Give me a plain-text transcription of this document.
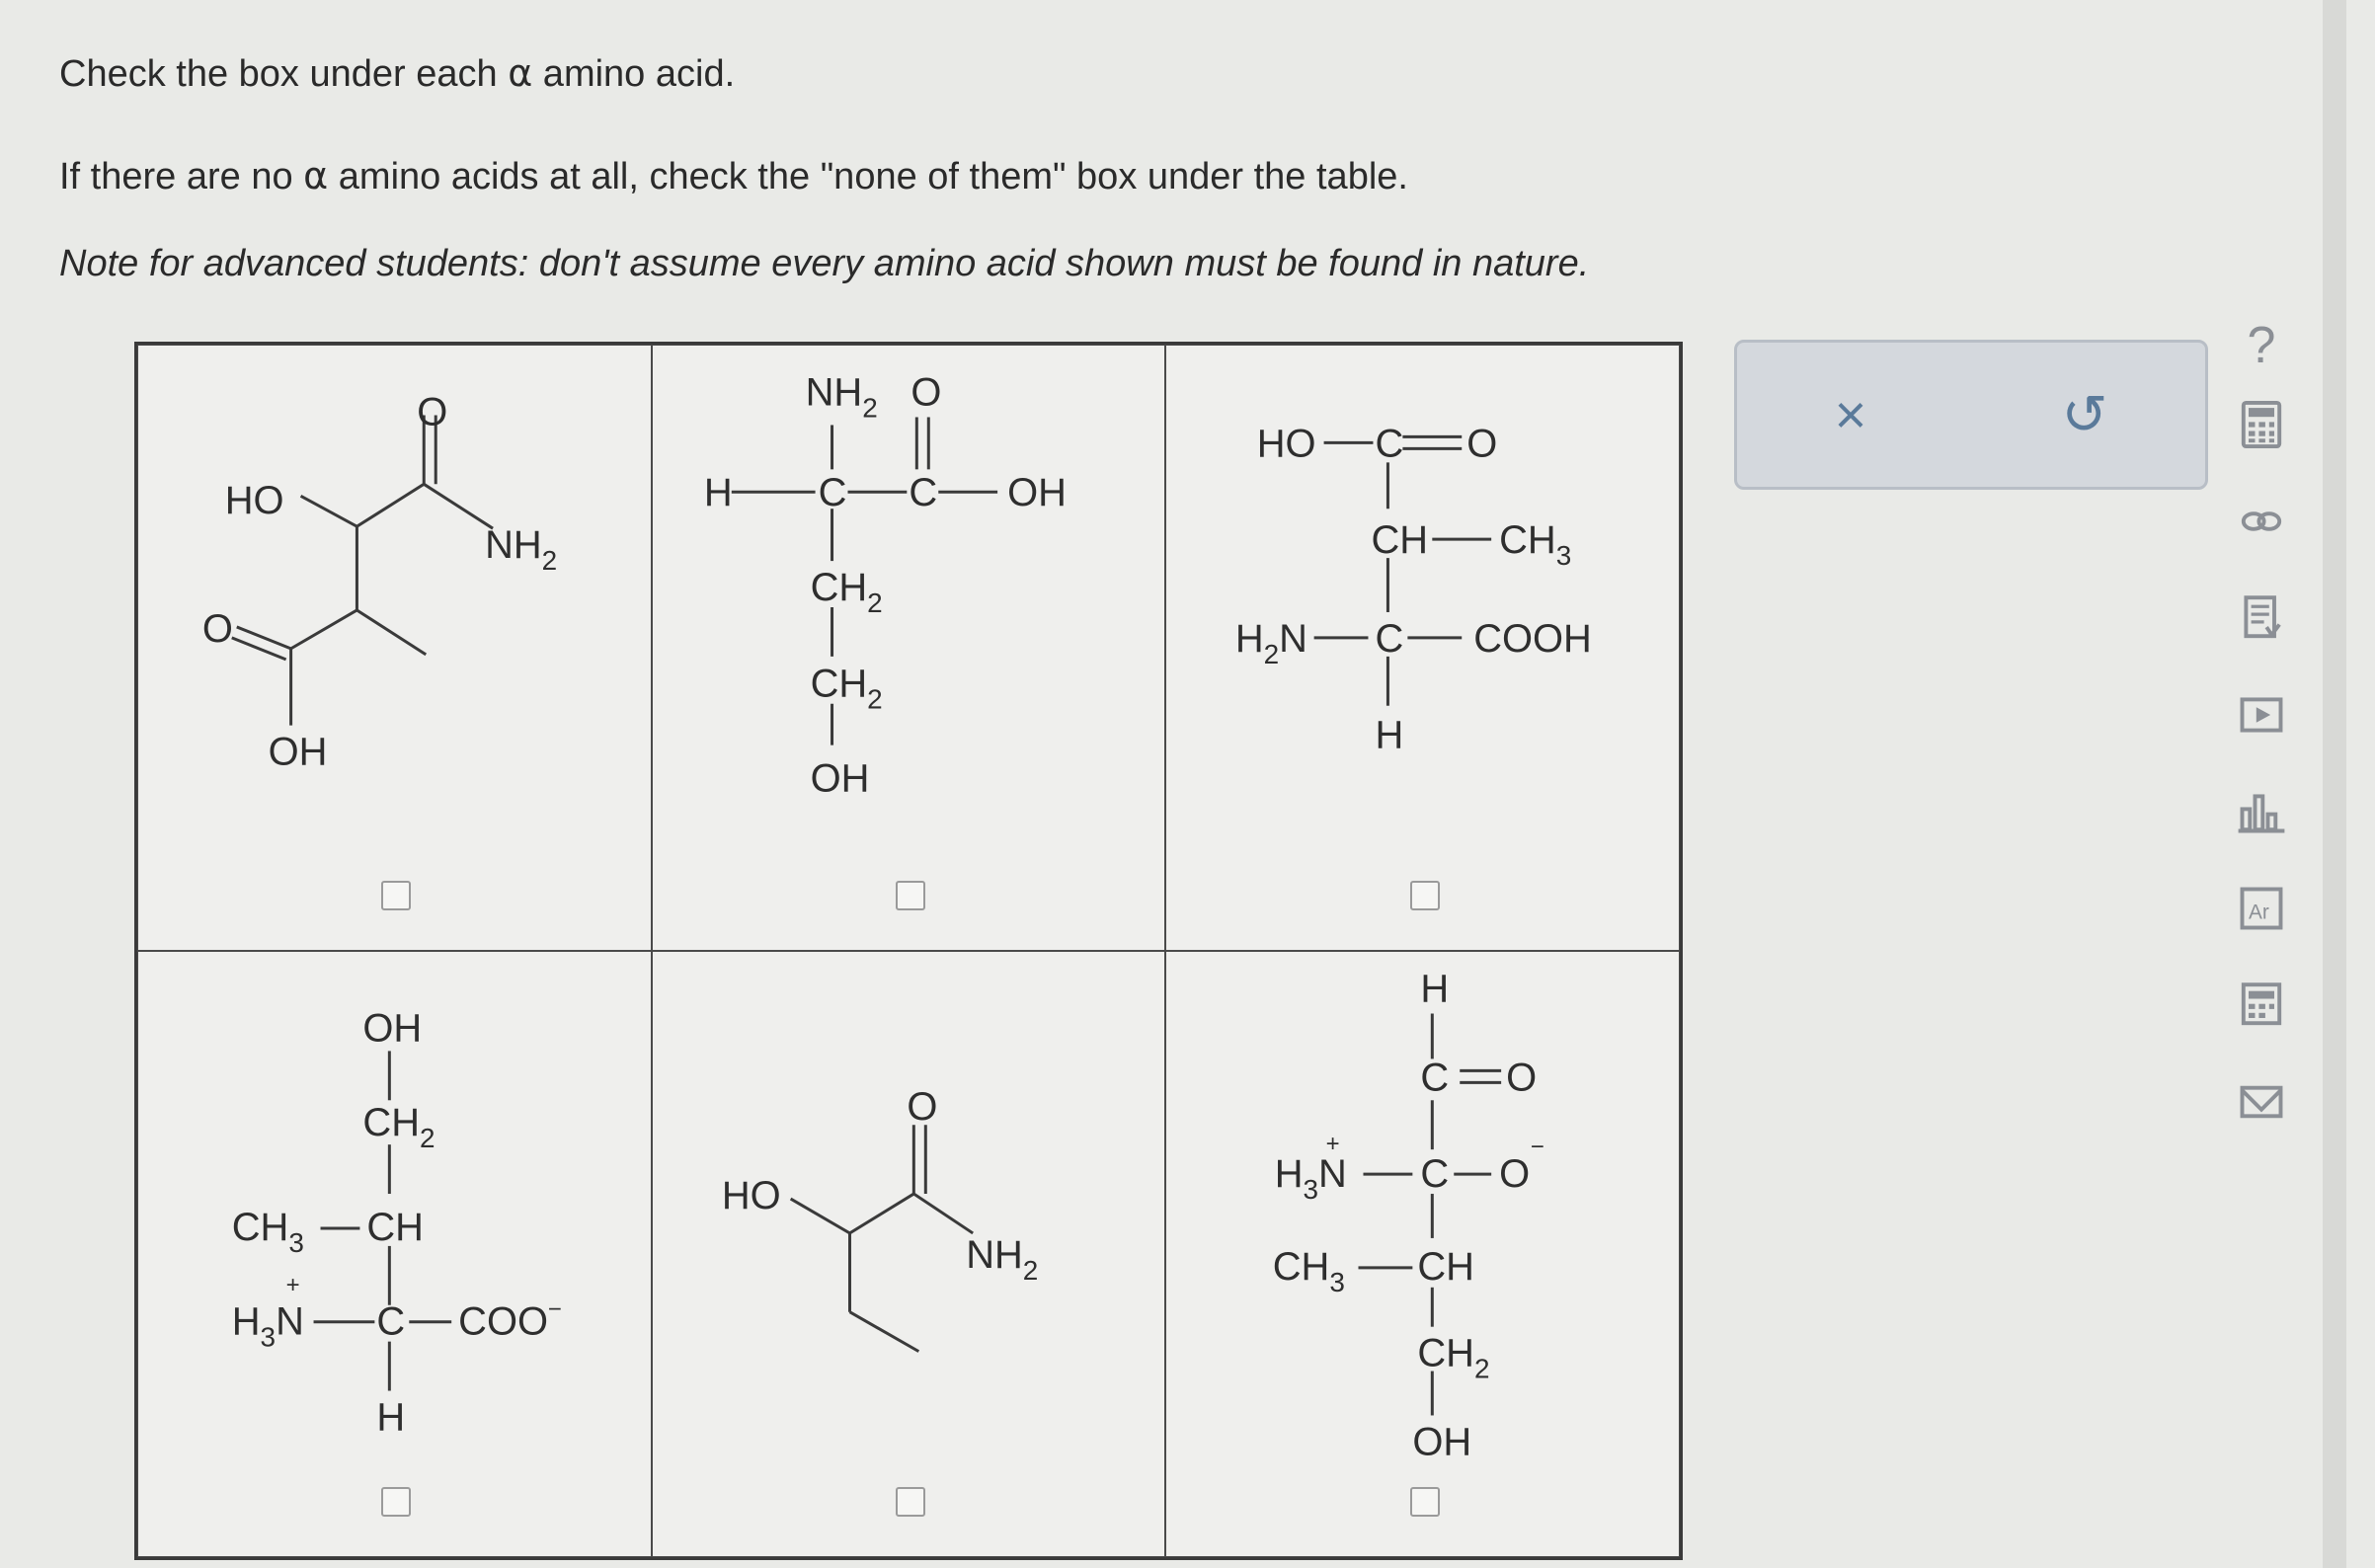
Check the box under each α amino acid.

If there are no α amino acids at all, check the "none of them" box under the table.

Note for advanced students: don't assume every amino acid shown must be found in nature.

HO
O
$NH_2$
O
OH
$NH_2$ O
H C C OH
$CH_2$
$CH_2$
OH
HO C O
CH $CH_3$
$H_2N$ C COOH
H
OH
$CH_2$
$CH_3$ CH
+
$H_3N$ C COO−
H
HO
O
$NH_2$
H
C O
+
$H_3N$ C O
−
$CH_3$ CH
$CH_2$
OH
×	↺
?
Ar
